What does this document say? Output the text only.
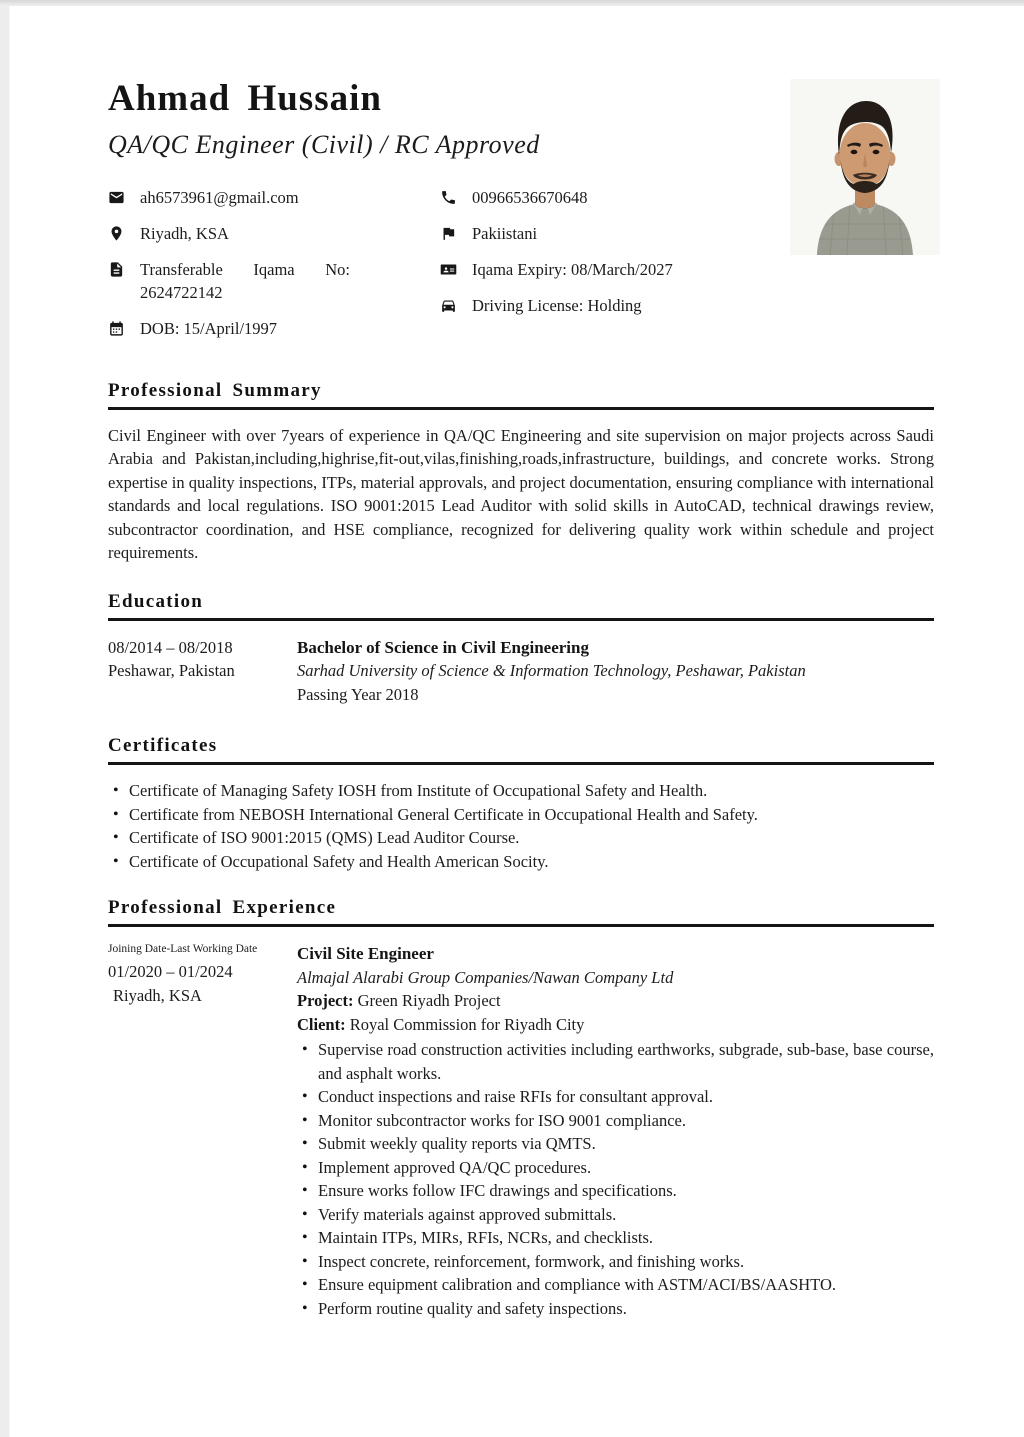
Ahmad Hussain
QA/QC Engineer (Civil) / RC Approved
ah6573961@gmail.com
Riyadh, KSA
Transferable Iqama No: 2624722142
DOB: 15/April/1997
00966536670648
Pakiistani
Iqama Expiry: 08/March/2027
Driving License: Holding
Professional Summary

Civil Engineer with over 7years of experience in QA/QC Engineering and site supervision on major projects across Saudi Arabia and Pakistan,including,highrise,fit-out,vilas,finishing,roads,infrastructure, buildings, and concrete works. Strong expertise in quality inspections, ITPs, material approvals, and project documentation, ensuring compliance with international standards and local regulations. ISO 9001:2015 Lead Auditor with solid skills in AutoCAD, technical drawings review, subcontractor coordination, and HSE compliance, recognized for delivering quality work within schedule and project requirements.

Education
08/2014 – 08/2018
Peshawar, Pakistan
Bachelor of Science in Civil Engineering
Sarhad University of Science & Information Technology, Peshawar, Pakistan
Passing Year 2018
Certificates
• Certificate of Managing Safety IOSH from Institute of Occupational Safety and Health.
• Certificate from NEBOSH International General Certificate in Occupational Health and Safety.
• Certificate of ISO 9001:2015 (QMS) Lead Auditor Course.
• Certificate of Occupational Safety and Health American Socity.
Professional Experience
Joining Date-Last Working Date
01/2020 – 01/2024
Riyadh, KSA
Civil Site Engineer
Almajal Alarabi Group Companies/Nawan Company Ltd
Project: Green Riyadh Project
Client: Royal Commission for Riyadh City
• Supervise road construction activities including earthworks, subgrade, sub-base, base course, and asphalt works.
• Conduct inspections and raise RFIs for consultant approval.
• Monitor subcontractor works for ISO 9001 compliance.
• Submit weekly quality reports via QMTS.
• Implement approved QA/QC procedures.
• Ensure works follow IFC drawings and specifications.
• Verify materials against approved submittals.
• Maintain ITPs, MIRs, RFIs, NCRs, and checklists.
• Inspect concrete, reinforcement, formwork, and finishing works.
• Ensure equipment calibration and compliance with ASTM/ACI/BS/AASHTO.
• Perform routine quality and safety inspections.
